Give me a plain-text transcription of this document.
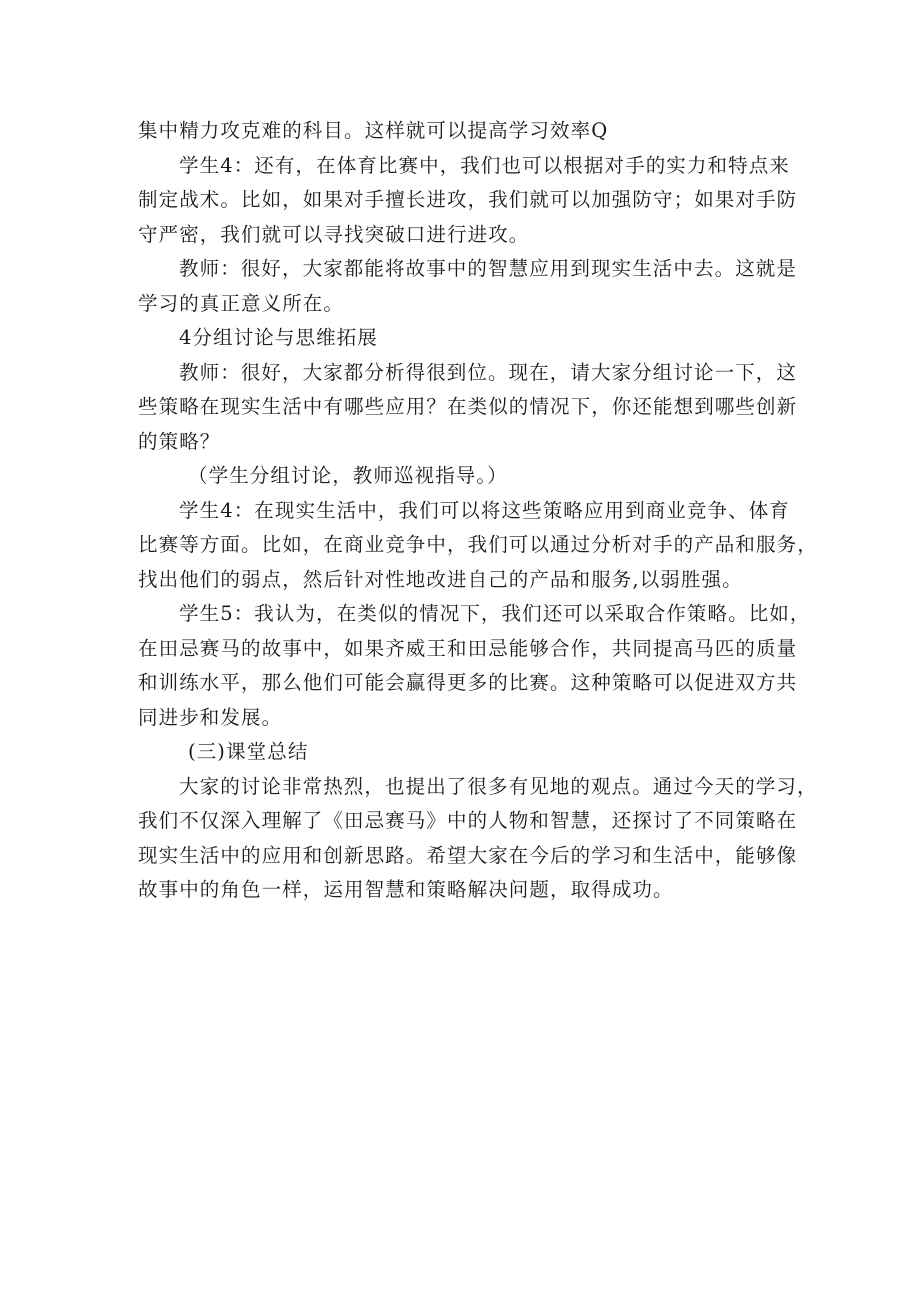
集中精力攻克难的科目。这样就可以提高学习效率Q
学生4：还有，在体育比赛中，我们也可以根据对手的实力和特点来
制定战术。比如，如果对手擅长进攻，我们就可以加强防守；如果对手防
守严密，我们就可以寻找突破口进行进攻。
教师：很好，大家都能将故事中的智慧应用到现实生活中去。这就是
学习的真正意义所在。
4分组讨论与思维拓展
教师：很好，大家都分析得很到位。现在，请大家分组讨论一下，这
些策略在现实生活中有哪些应用？在类似的情况下，你还能想到哪些创新
的策略？
（学生分组讨论，教师巡视指导。）
学生4：在现实生活中，我们可以将这些策略应用到商业竞争、体育
比赛等方面。比如，在商业竞争中，我们可以通过分析对手的产品和服务，
找出他们的弱点，然后针对性地改进自己的产品和服务,以弱胜强。
学生5：我认为，在类似的情况下，我们还可以采取合作策略。比如，
在田忌赛马的故事中，如果齐威王和田忌能够合作，共同提高马匹的质量
和训练水平，那么他们可能会赢得更多的比赛。这种策略可以促进双方共
同进步和发展。
(三)课堂总结
大家的讨论非常热烈，也提出了很多有见地的观点。通过今天的学习，
我们不仅深入理解了《田忌赛马》中的人物和智慧，还探讨了不同策略在
现实生活中的应用和创新思路。希望大家在今后的学习和生活中，能够像
故事中的角色一样，运用智慧和策略解决问题，取得成功。
